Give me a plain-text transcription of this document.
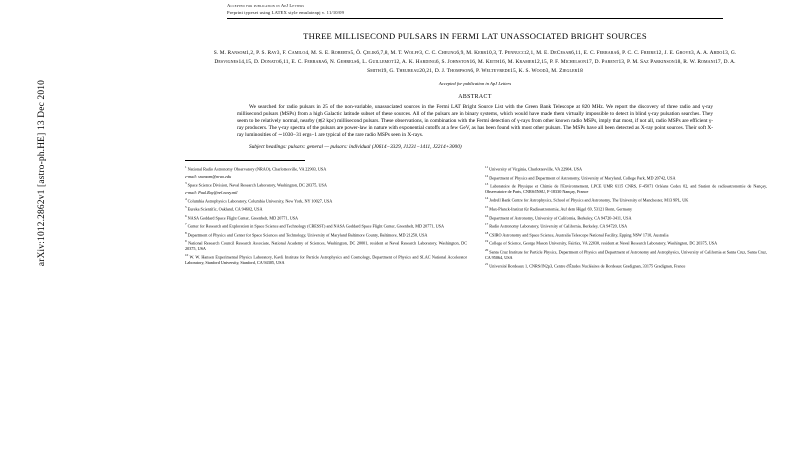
arXiv:1012.2862v1 [astro-ph.HE] 13 Dec 2010
Accepted for publication in ApJ Letters
Preprint typeset using LATEX style emulateapj v. 11/10/09
THREE MILLISECOND PULSARS IN FERMI LAT UNASSOCIATED BRIGHT SOURCES
S. M. Ransom1,2, P. S. Ray3, F. Camilo4, M. S. E. Roberts5, Ö. Çelik6,7,8, M. T. Wolff3, C. C. Cheung6,9, M. Kerr10,3, T. Pennucci2,1, M. E. DeCesar6,11, E. C. Ferrara6, P. C. C. Freire12, J. E. Grove3, A. A. Abdo13, G. Desvignes14,15, D. Donato6,11, E. C. Ferrara6, N. Gehrels6, L. Guillemot12, A. K. Harding6, S. Johnston16, M. Keith16, M. Kramer12,15, P. F. Michelson17, D. Parent13, P. M. Saz Parkinson18, R. W. Romani17, D. A. Smith19, G. Theureau20,21, D. J. Thompson6, P. Weltevrede15, K. S. Wood3, M. Ziegler18
Accepted for publication in ApJ Letters
ABSTRACT
We searched for radio pulsars in 25 of the non-variable, unassociated sources in the Fermi LAT Bright Source List with the Green Bank Telescope at 820 MHz. We report the discovery of three radio and γ-ray millisecond pulsars (MSPs) from a high Galactic latitude subset of these sources. All of the pulsars are in binary systems, which would have made them virtually impossible to detect in blind γ-ray pulsation searches. They seem to be relatively normal, nearby (≲2 kpc) millisecond pulsars. These observations, in combination with the Fermi detection of γ-rays from other known radio MSPs, imply that most, if not all, radio MSPs are efficient γ-ray producers. The γ-ray spectra of the pulsars are power-law in nature with exponential cutoffs at a few GeV, as has been found with most other pulsars. The MSPs have all been detected as X-ray point sources. Their soft X-ray luminosities of ∼1030−31 ergs−1 are typical of the rare radio MSPs seen in X-rays.
Subject headings: pulsars: general — pulsars: individual (J0614−3329, J1231−1411, J2214+3000)

$^1$ National Radio Astronomy Observatory (NRAO), Charlottesville, VA 22903, USA

e-mail: sransom@nrao.edu

$^3$ Space Science Division, Naval Research Laboratory, Washington, DC 20375, USA

e-mail: Paul.Ray@nrl.navy.mil

$^4$ Columbia Astrophysics Laboratory, Columbia University, New York, NY 10027, USA

$^5$ Eureka Scientific, Oakland, CA 94602, USA

$^6$ NASA Goddard Space Flight Center, Greenbelt, MD 20771, USA

$^7$ Center for Research and Exploration in Space Science and Technology (CRESST) and NASA Goddard Space Flight Center, Greenbelt, MD 20771, USA

$^8$ Department of Physics and Center for Space Sciences and Technology, University of Maryland Baltimore County, Baltimore, MD 21250, USA

$^9$ National Research Council Research Associate, National Academy of Sciences, Washington, DC 20001, resident at Naval Research Laboratory, Washington, DC 20375, USA

$^{10}$ W. W. Hansen Experimental Physics Laboratory, Kavli Institute for Particle Astrophysics and Cosmology, Department of Physics and SLAC National Accelerator Laboratory, Stanford University, Stanford, CA 94305, USA

$^{11}$ University of Virginia, Charlottesville, VA 22904, USA

$^{12}$ Department of Physics and Department of Astronomy, University of Maryland, College Park, MD 20742, USA

$^{13}$ Laboratoire de Physique et Chimie de l'Environnement, LPCE UMR 6115 CNRS, F-45071 Orléans Cedex 02, and Station de radioastronomie de Nançay, Observatoire de Paris, CNRS/INSU, F-18330 Nançay, France

$^{14}$ Jodrell Bank Centre for Astrophysics, School of Physics and Astronomy, The University of Manchester, M13 9PL, UK

$^{15}$ Max-Planck-Institut für Radioastronomie, Auf dem Hügel 69, 53121 Bonn, Germany

$^{16}$ Department of Astronomy, University of California, Berkeley, CA 94720-3411, USA

$^{17}$ Radio Astronomy Laboratory, University of California, Berkeley, CA 94720, USA

$^{18}$ CSIRO Astronomy and Space Science, Australia Telescope National Facility, Epping NSW 1710, Australia

$^{19}$ College of Science, George Mason University, Fairfax, VA 22030, resident at Naval Research Laboratory, Washington, DC 20375, USA

$^{20}$ Santa Cruz Institute for Particle Physics, Department of Physics and Department of Astronomy and Astrophysics, University of California at Santa Cruz, Santa Cruz, CA 95064, USA

$^{21}$ Université Bordeaux 1, CNRS/IN2p3, Centre d'Études Nucléaires de Bordeaux Gradignan, 33175 Gradignan, France
